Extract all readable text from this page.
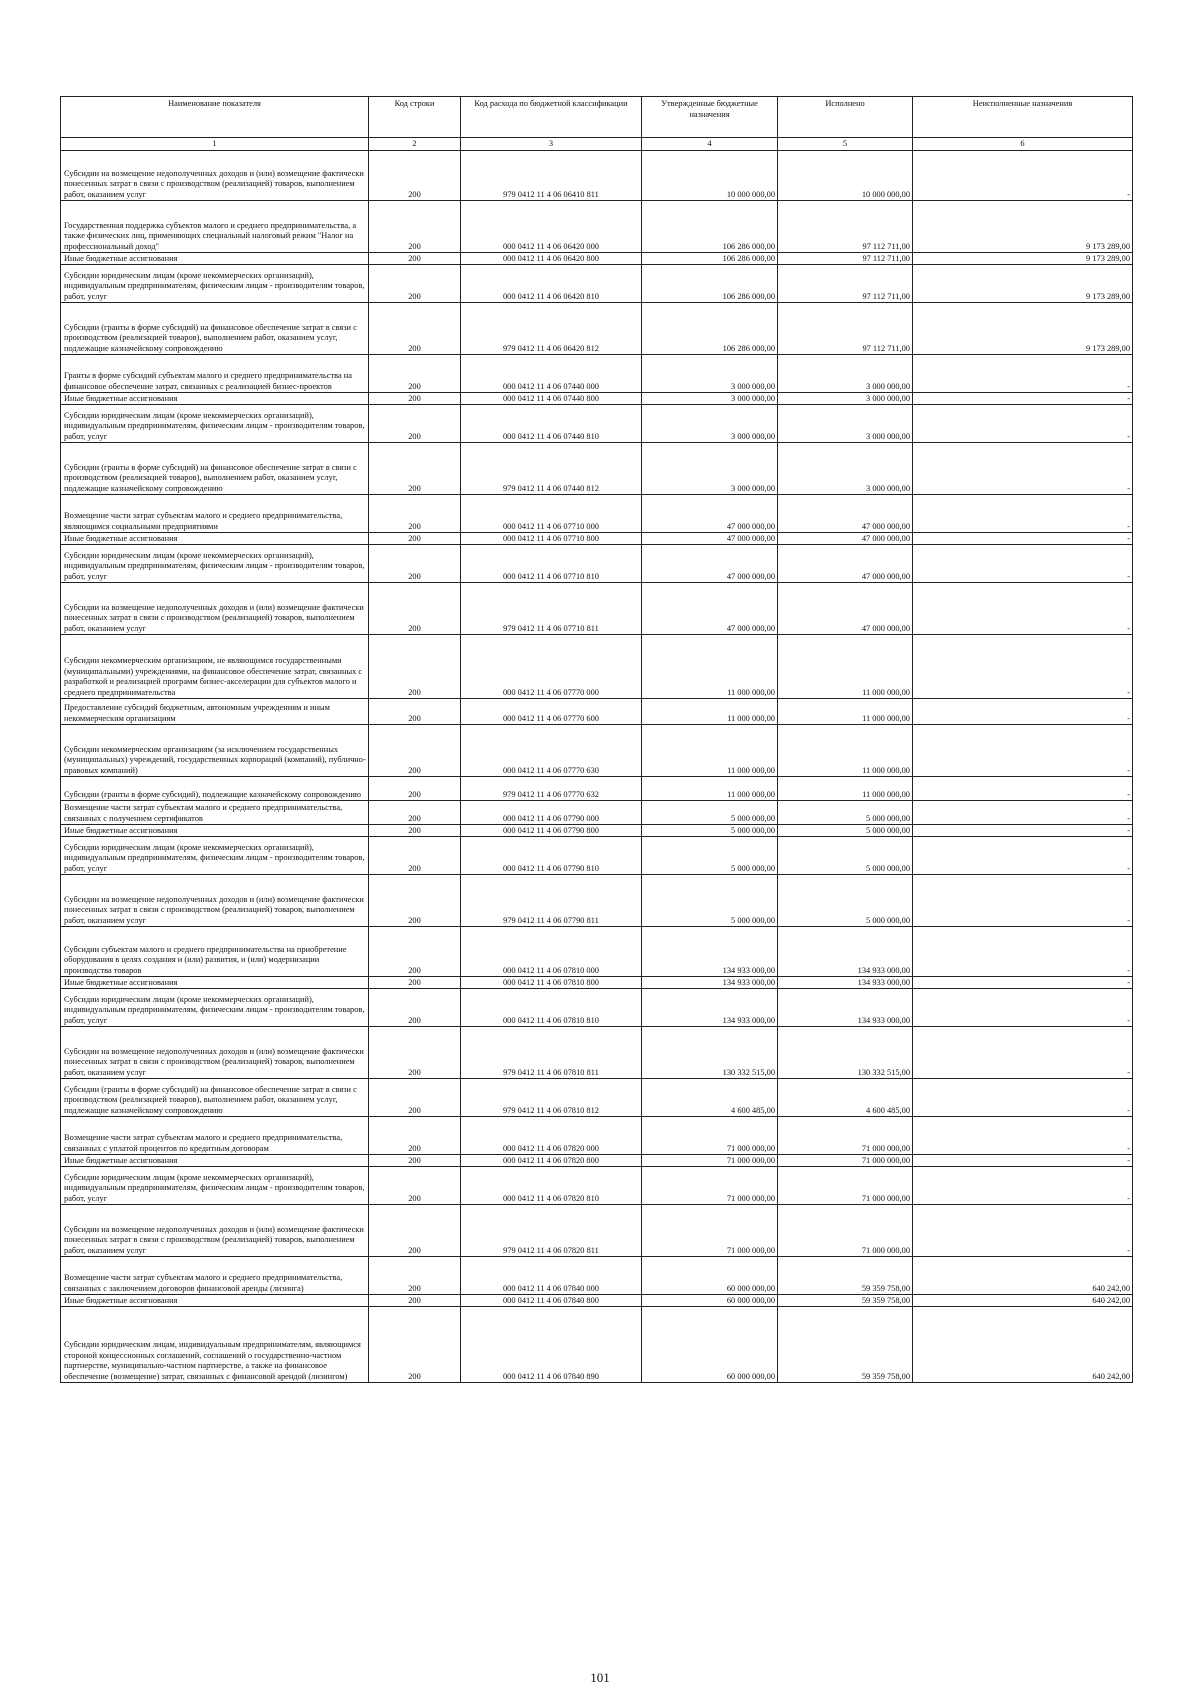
Наименование показателя	Код строки	Код расхода по бюджетной классификации	Утвержденные бюджетные назначения	Исполнено	Неисполненные назначения
1	2	3	4	5	6
Субсидии на возмещение недополученных доходов и (или) возмещение фактически понесенных затрат в связи с производством (реализацией) товаров, выполнением работ, оказанием услуг	200	979 0412 11 4 06 06410 811	10 000 000,00	10 000 000,00	-
Государственная поддержка субъектов малого и среднего предпринимательства, а также физических лиц, применяющих специальный налоговый режим "Налог на профессиональный доход"	200	000 0412 11 4 06 06420 000	106 286 000,00	97 112 711,00	9 173 289,00
Иные бюджетные ассигнования	200	000 0412 11 4 06 06420 800	106 286 000,00	97 112 711,00	9 173 289,00
Субсидии юридическим лицам (кроме некоммерческих организаций), индивидуальным предпринимателям, физическим лицам - производителям товаров, работ, услуг	200	000 0412 11 4 06 06420 810	106 286 000,00	97 112 711,00	9 173 289,00
Субсидии (гранты в форме субсидий) на финансовое обеспечение затрат в связи с производством (реализацией товаров), выполнением работ, оказанием услуг, подлежащие казначейскому сопровождению	200	979 0412 11 4 06 06420 812	106 286 000,00	97 112 711,00	9 173 289,00
Гранты в форме субсидий субъектам малого и среднего предпринимательства на финансовое обеспечение затрат, связанных с реализацией бизнес-проектов	200	000 0412 11 4 06 07440 000	3 000 000,00	3 000 000,00	-
Иные бюджетные ассигнования	200	000 0412 11 4 06 07440 800	3 000 000,00	3 000 000,00	-
Субсидии юридическим лицам (кроме некоммерческих организаций), индивидуальным предпринимателям, физическим лицам - производителям товаров, работ, услуг	200	000 0412 11 4 06 07440 810	3 000 000,00	3 000 000,00	-
Субсидии (гранты в форме субсидий) на финансовое обеспечение затрат в связи с производством (реализацией товаров), выполнением работ, оказанием услуг, подлежащие казначейскому сопровождению	200	979 0412 11 4 06 07440 812	3 000 000,00	3 000 000,00	-
Возмещение части затрат субъектам малого и среднего предпринимательства, являющимся социальными предприятиями	200	000 0412 11 4 06 07710 000	47 000 000,00	47 000 000,00	-
Иные бюджетные ассигнования	200	000 0412 11 4 06 07710 800	47 000 000,00	47 000 000,00	-
Субсидии юридическим лицам (кроме некоммерческих организаций), индивидуальным предпринимателям, физическим лицам - производителям товаров, работ, услуг	200	000 0412 11 4 06 07710 810	47 000 000,00	47 000 000,00	-
Субсидии на возмещение недополученных доходов и (или) возмещение фактически понесенных затрат в связи с производством (реализацией) товаров, выполнением работ, оказанием услуг	200	979 0412 11 4 06 07710 811	47 000 000,00	47 000 000,00	-
Субсидии некоммерческим организациям, не являющимся государственными (муниципальными) учреждениями, на финансовое обеспечение затрат, связанных с разработкой и реализацией программ бизнес-акселерации для субъектов малого и среднего предпринимательства	200	000 0412 11 4 06 07770 000	11 000 000,00	11 000 000,00	-
Предоставление субсидий бюджетным, автономным учреждениям и иным некоммерческим организациям	200	000 0412 11 4 06 07770 600	11 000 000,00	11 000 000,00	-
Субсидии некоммерческим организациям (за исключением государственных (муниципальных) учреждений, государственных корпораций (компаний), публично-правовых компаний)	200	000 0412 11 4 06 07770 630	11 000 000,00	11 000 000,00	-
Субсидии (гранты в форме субсидий), подлежащие казначейскому сопровождению	200	979 0412 11 4 06 07770 632	11 000 000,00	11 000 000,00	-
Возмещение части затрат субъектам малого и среднего предпринимательства, связанных с получением сертификатов	200	000 0412 11 4 06 07790 000	5 000 000,00	5 000 000,00	-
Иные бюджетные ассигнования	200	000 0412 11 4 06 07790 800	5 000 000,00	5 000 000,00	-
Субсидии юридическим лицам (кроме некоммерческих организаций), индивидуальным предпринимателям, физическим лицам - производителям товаров, работ, услуг	200	000 0412 11 4 06 07790 810	5 000 000,00	5 000 000,00	-
Субсидии на возмещение недополученных доходов и (или) возмещение фактически понесенных затрат в связи с производством (реализацией) товаров, выполнением работ, оказанием услуг	200	979 0412 11 4 06 07790 811	5 000 000,00	5 000 000,00	-
Субсидии субъектам малого и среднего предпринимательства на приобретение оборудования в целях создания и (или) развития, и (или) модернизации производства товаров	200	000 0412 11 4 06 07810 000	134 933 000,00	134 933 000,00	-
Иные бюджетные ассигнования	200	000 0412 11 4 06 07810 800	134 933 000,00	134 933 000,00	-
Субсидии юридическим лицам (кроме некоммерческих организаций), индивидуальным предпринимателям, физическим лицам - производителям товаров, работ, услуг	200	000 0412 11 4 06 07810 810	134 933 000,00	134 933 000,00	-
Субсидии на возмещение недополученных доходов и (или) возмещение фактически понесенных затрат в связи с производством (реализацией) товаров, выполнением работ, оказанием услуг	200	979 0412 11 4 06 07810 811	130 332 515,00	130 332 515,00	-
Субсидии (гранты в форме субсидий) на финансовое обеспечение затрат в связи с производством (реализацией товаров), выполнением работ, оказанием услуг, подлежащие казначейскому сопровождению	200	979 0412 11 4 06 07810 812	4 600 485,00	4 600 485,00	-
Возмещение части затрат субъектам малого и среднего предпринимательства, связанных с уплатой процентов по кредитным договорам	200	000 0412 11 4 06 07820 000	71 000 000,00	71 000 000,00	-
Иные бюджетные ассигнования	200	000 0412 11 4 06 07820 800	71 000 000,00	71 000 000,00	-
Субсидии юридическим лицам (кроме некоммерческих организаций), индивидуальным предпринимателям, физическим лицам - производителям товаров, работ, услуг	200	000 0412 11 4 06 07820 810	71 000 000,00	71 000 000,00	-
Субсидии на возмещение недополученных доходов и (или) возмещение фактически понесенных затрат в связи с производством (реализацией) товаров, выполнением работ, оказанием услуг	200	979 0412 11 4 06 07820 811	71 000 000,00	71 000 000,00	-
Возмещение части затрат субъектам малого и среднего предпринимательства, связанных с заключением договоров финансовой аренды (лизинга)	200	000 0412 11 4 06 07840 000	60 000 000,00	59 359 758,00	640 242,00
Иные бюджетные ассигнования	200	000 0412 11 4 06 07840 800	60 000 000,00	59 359 758,00	640 242,00
Субсидии юридическим лицам, индивидуальным предпринимателям, являющимся стороной концессионных соглашений, соглашений о государственно-частном партнерстве, муниципально-частном партнерстве, а также на финансовое обеспечение (возмещение) затрат, связанных с финансовой арендой (лизингом)	200	000 0412 11 4 06 07840 890	60 000 000,00	59 359 758,00	640 242,00
101
